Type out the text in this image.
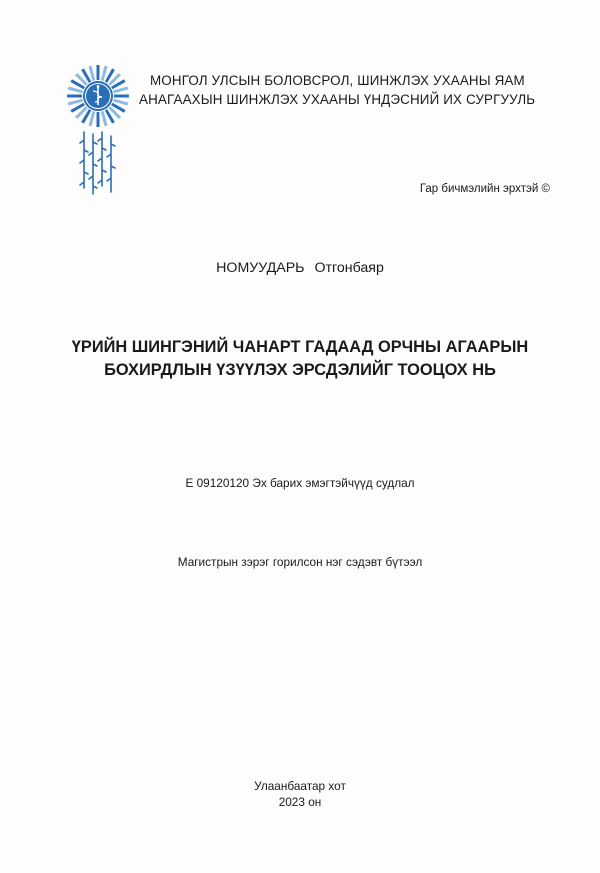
МОНГОЛ УЛСЫН БОЛОВСРОЛ, ШИНЖЛЭХ УХААНЫ ЯАМ
АНАГААХЫН ШИНЖЛЭХ УХААНЫ ҮНДЭСНИЙ ИХ СУРГУУЛЬ
Гар бичмэлийн эрхтэй ©
НОМУУДАРЬ Отгонбаяр
ҮРИЙН ШИНГЭНИЙ ЧАНАРТ ГАДААД ОРЧНЫ АГААРЫН
БОХИРДЛЫН ҮЗҮҮЛЭХ ЭРСДЭЛИЙГ ТООЦОХ НЬ
Е 09120120 Эх барих эмэгтэйчүүд судлал
Магистрын зэрэг горилсон нэг сэдэвт бүтээл
Улаанбаатар хот
2023 он
